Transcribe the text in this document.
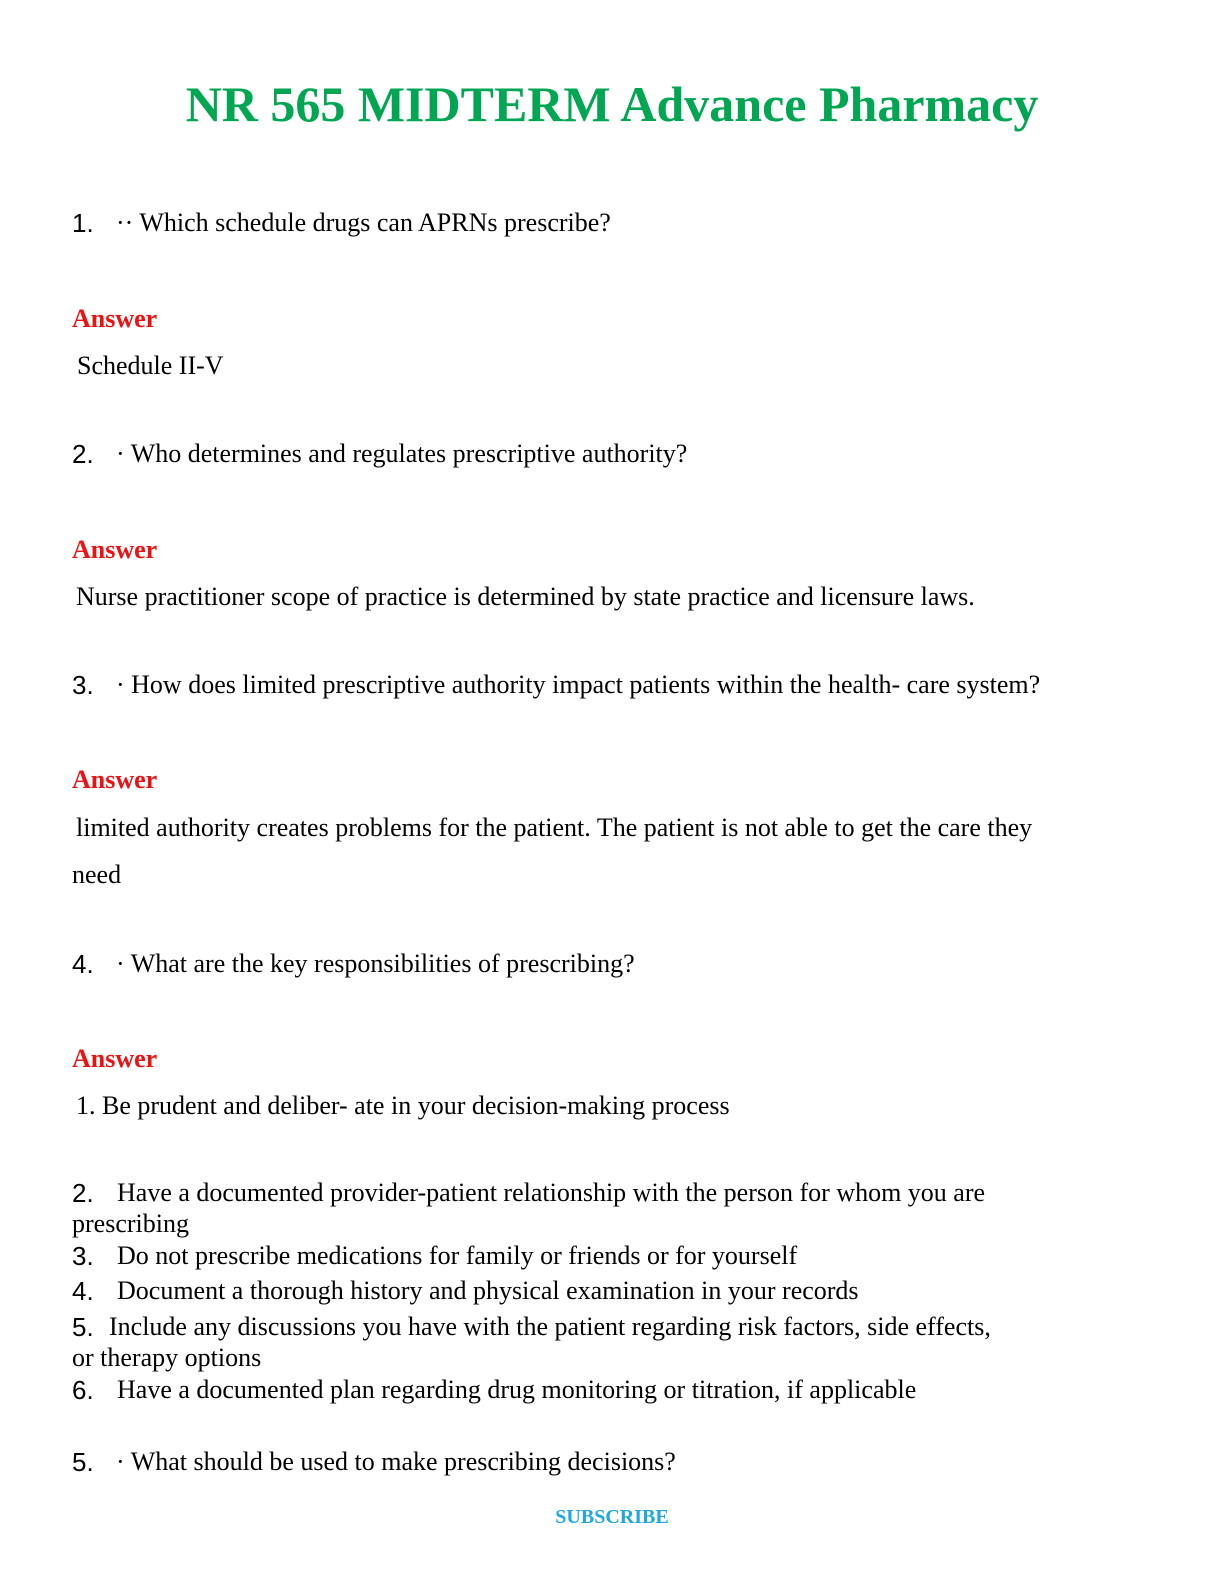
NR 565 MIDTERM Advance Pharmacy
1. ·· Which schedule drugs can APRNs prescribe?
Answer
Schedule II-V
2. · Who determines and regulates prescriptive authority?
Answer
Nurse practitioner scope of practice is determined by state practice and licensure laws.
3. · How does limited prescriptive authority impact patients within the health- care system?
Answer
limited authority creates problems for the patient. The patient is not able to get the care they
need
4. · What are the key responsibilities of prescribing?
Answer
1. Be prudent and deliber- ate in your decision-making process
2. Have a documented provider-patient relationship with the person for whom you are
prescribing
3. Do not prescribe medications for family or friends or for yourself
4. Document a thorough history and physical examination in your records
5. Include any discussions you have with the patient regarding risk factors, side effects,
or therapy options
6. Have a documented plan regarding drug monitoring or titration, if applicable
5. · What should be used to make prescribing decisions?
SUBSCRIBE
